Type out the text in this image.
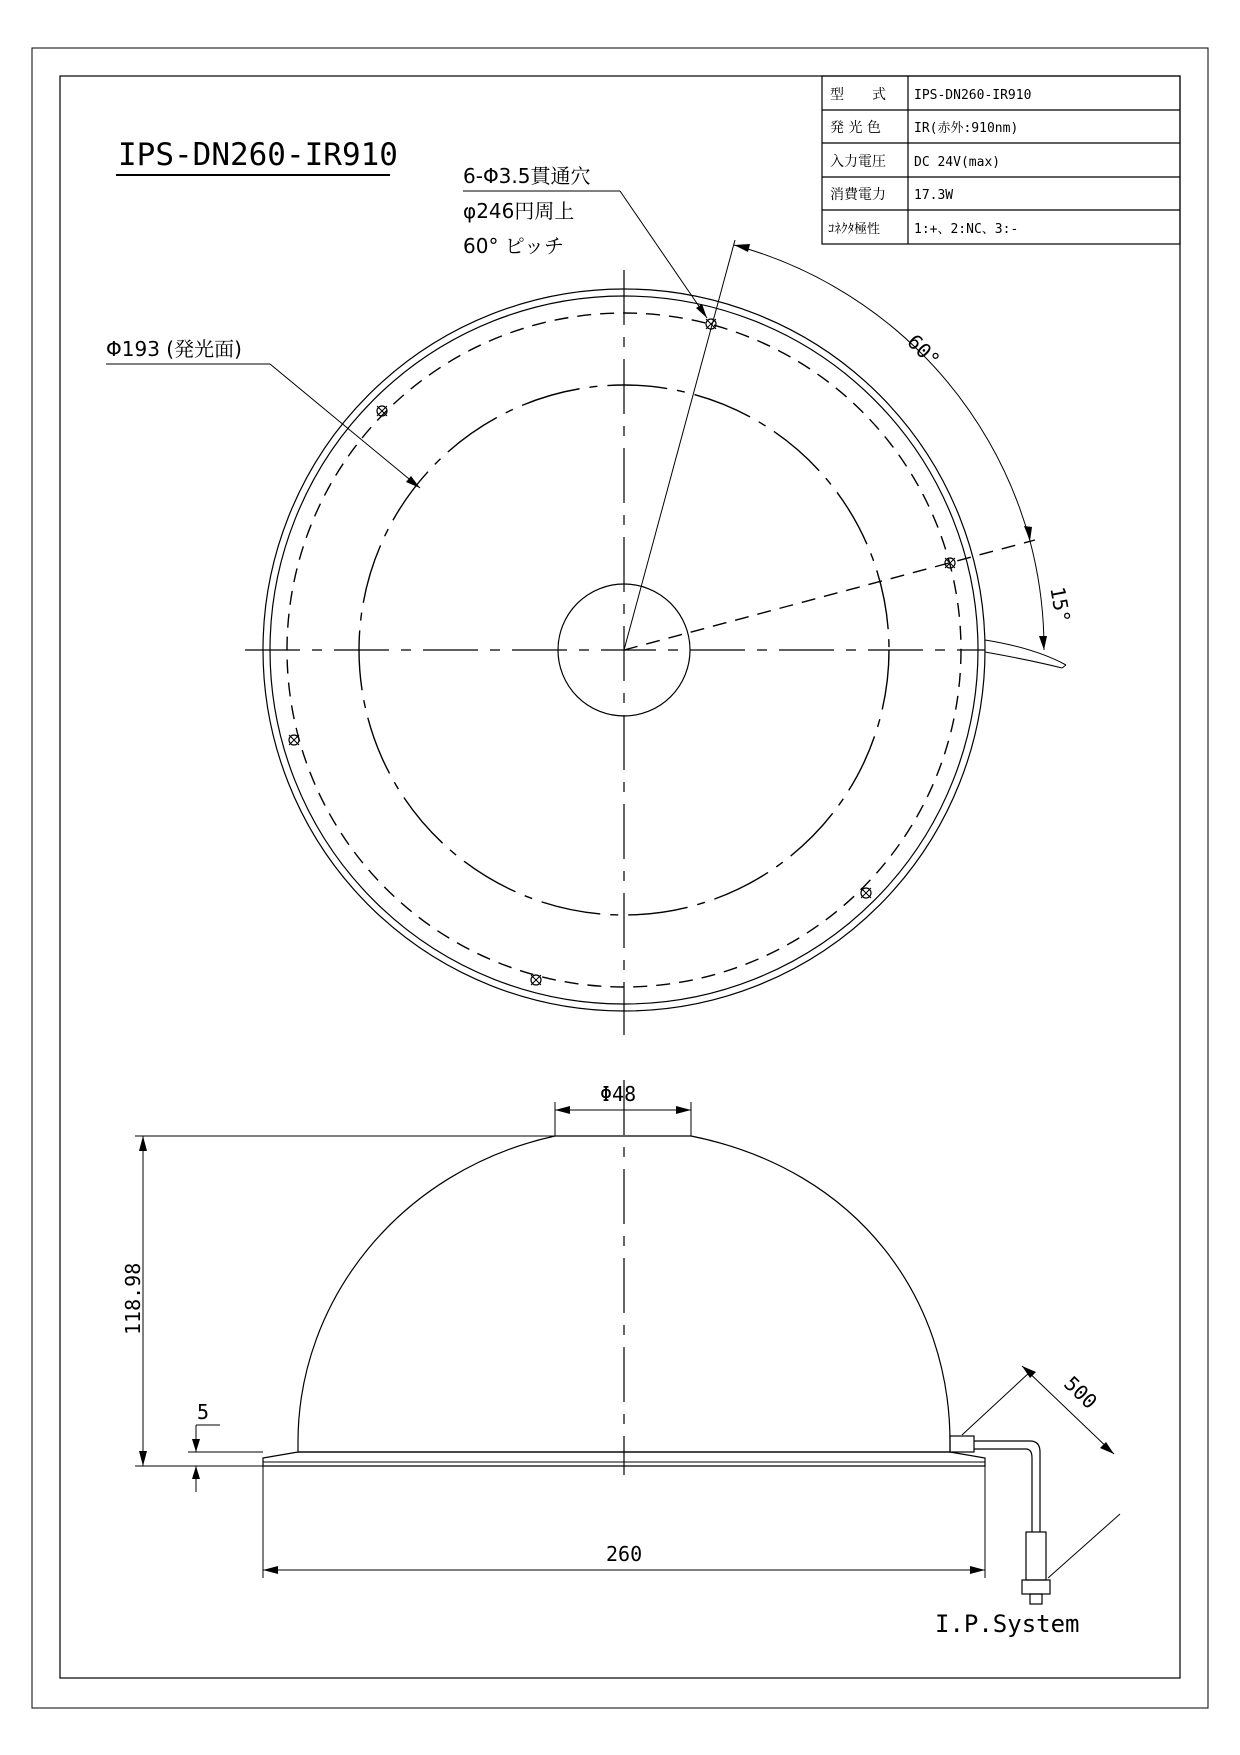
IPS-DN260-IR910
型　　式 IPS-DN260-IR910
発 光 色	IR(赤外:910nm)
入力電圧 DC 24V(max)
消費電力 17.3W
ｺﾈｸﾀ極性	1:+、2:NC、3:-
60°
15°
6-Φ3.5貫通穴
φ246円周上
60° ピッチ
Φ193 (発光面)
Φ48
118.98
5
260
500
I.P.System
